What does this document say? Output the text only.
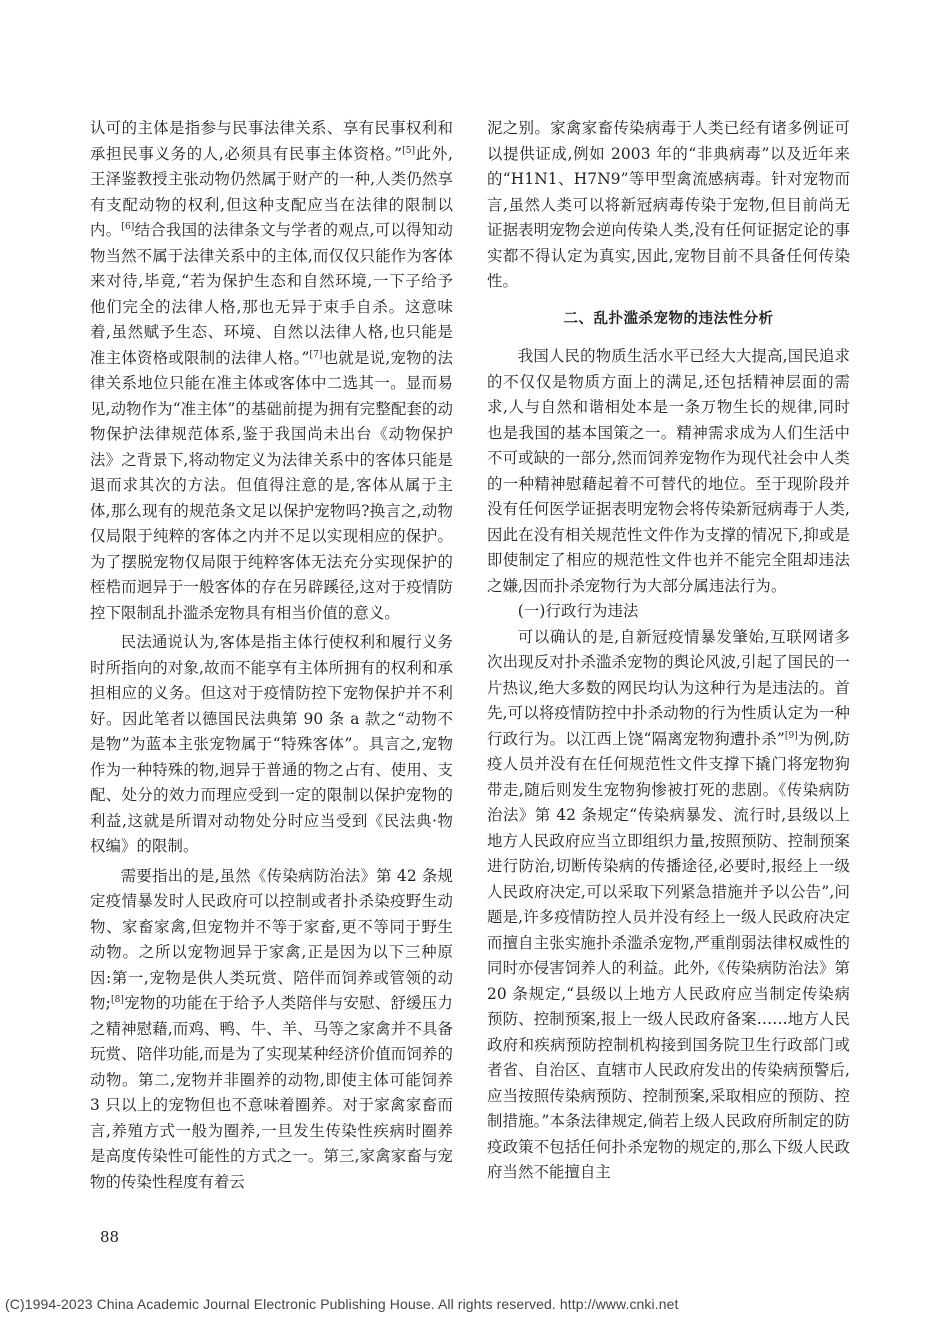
认可的主体是指参与民事法律关系、享有民事权利和承担民事义务的人,必须具有民事主体资格。”[5]此外,王泽鉴教授主张动物仍然属于财产的一种,人类仍然享有支配动物的权利,但这种支配应当在法律的限制以内。[6]结合我国的法律条文与学者的观点,可以得知动物当然不属于法律关系中的主体,而仅仅只能作为客体来对待,毕竟,“若为保护生态和自然环境,一下子给予他们完全的法律人格,那也无异于束手自杀。这意味着,虽然赋予生态、环境、自然以法律人格,也只能是准主体资格或限制的法律人格。”[7]也就是说,宠物的法律关系地位只能在准主体或客体中二选其一。显而易见,动物作为“准主体”的基础前提为拥有完整配套的动物保护法律规范体系,鉴于我国尚未出台《动物保护法》之背景下,将动物定义为法律关系中的客体只能是退而求其次的方法。但值得注意的是,客体从属于主体,那么现有的规范条文足以保护宠物吗?换言之,动物仅局限于纯粹的客体之内并不足以实现相应的保护。为了摆脱宠物仅局限于纯粹客体无法充分实现保护的桎梏而迥异于一般客体的存在另辟蹊径,这对于疫情防控下限制乱扑滥杀宠物具有相当价值的意义。

民法通说认为,客体是指主体行使权利和履行义务时所指向的对象,故而不能享有主体所拥有的权利和承担相应的义务。但这对于疫情防控下宠物保护并不利好。因此笔者以德国民法典第 90 条 a 款之“动物不是物”为蓝本主张宠物属于“特殊客体”。具言之,宠物作为一种特殊的物,迥异于普通的物之占有、使用、支配、处分的效力而理应受到一定的限制以保护宠物的利益,这就是所谓对动物处分时应当受到《民法典·物权编》的限制。

需要指出的是,虽然《传染病防治法》第 42 条规定疫情暴发时人民政府可以控制或者扑杀染疫野生动物、家畜家禽,但宠物并不等于家畜,更不等同于野生动物。之所以宠物迥异于家禽,正是因为以下三种原因:第一,宠物是供人类玩赏、陪伴而饲养或管领的动物;[8]宠物的功能在于给予人类陪伴与安慰、舒缓压力之精神慰藉,而鸡、鸭、牛、羊、马等之家禽并不具备玩赏、陪伴功能,而是为了实现某种经济价值而饲养的动物。第二,宠物并非圈养的动物,即使主体可能饲养 3 只以上的宠物但也不意味着圈养。对于家禽家畜而言,养殖方式一般为圈养,一旦发生传染性疾病时圈养是高度传染性可能性的方式之一。第三,家禽家畜与宠物的传染性程度有着云

泥之别。家禽家畜传染病毒于人类已经有诸多例证可以提供证成,例如 2003 年的“非典病毒”以及近年来的“H1N1、H7N9”等甲型禽流感病毒。针对宠物而言,虽然人类可以将新冠病毒传染于宠物,但目前尚无证据表明宠物会逆向传染人类,没有任何证据定论的事实都不得认定为真实,因此,宠物目前不具备任何传染性。

二、乱扑滥杀宠物的违法性分析

我国人民的物质生活水平已经大大提高,国民追求的不仅仅是物质方面上的满足,还包括精神层面的需求,人与自然和谐相处本是一条万物生长的规律,同时也是我国的基本国策之一。精神需求成为人们生活中不可或缺的一部分,然而饲养宠物作为现代社会中人类的一种精神慰藉起着不可替代的地位。至于现阶段并没有任何医学证据表明宠物会将传染新冠病毒于人类,因此在没有相关规范性文件作为支撑的情况下,抑或是即使制定了相应的规范性文件也并不能完全阻却违法之嫌,因而扑杀宠物行为大部分属违法行为。

(一)行政行为违法

可以确认的是,自新冠疫情暴发肇始,互联网诸多次出现反对扑杀滥杀宠物的舆论风波,引起了国民的一片热议,绝大多数的网民均认为这种行为是违法的。首先,可以将疫情防控中扑杀动物的行为性质认定为一种行政行为。以江西上饶“隔离宠物狗遭扑杀”[9]为例,防疫人员并没有在任何规范性文件支撑下撬门将宠物狗带走,随后则发生宠物狗惨被打死的悲剧。《传染病防治法》第 42 条规定“传染病暴发、流行时,县级以上地方人民政府应当立即组织力量,按照预防、控制预案进行防治,切断传染病的传播途径,必要时,报经上一级人民政府决定,可以采取下列紧急措施并予以公告”,问题是,许多疫情防控人员并没有经上一级人民政府决定而擅自主张实施扑杀滥杀宠物,严重削弱法律权威性的同时亦侵害饲养人的利益。此外,《传染病防治法》第 20 条规定,“县级以上地方人民政府应当制定传染病预防、控制预案,报上一级人民政府备案……地方人民政府和疾病预防控制机构接到国务院卫生行政部门或者省、自治区、直辖市人民政府发出的传染病预警后,应当按照传染病预防、控制预案,采取相应的预防、控制措施。”本条法律规定,倘若上级人民政府所制定的防疫政策不包括任何扑杀宠物的规定的,那么下级人民政府当然不能擅自主

88
(C)1994-2023 China Academic Journal Electronic Publishing House. All rights reserved. http://www.cnki.net
